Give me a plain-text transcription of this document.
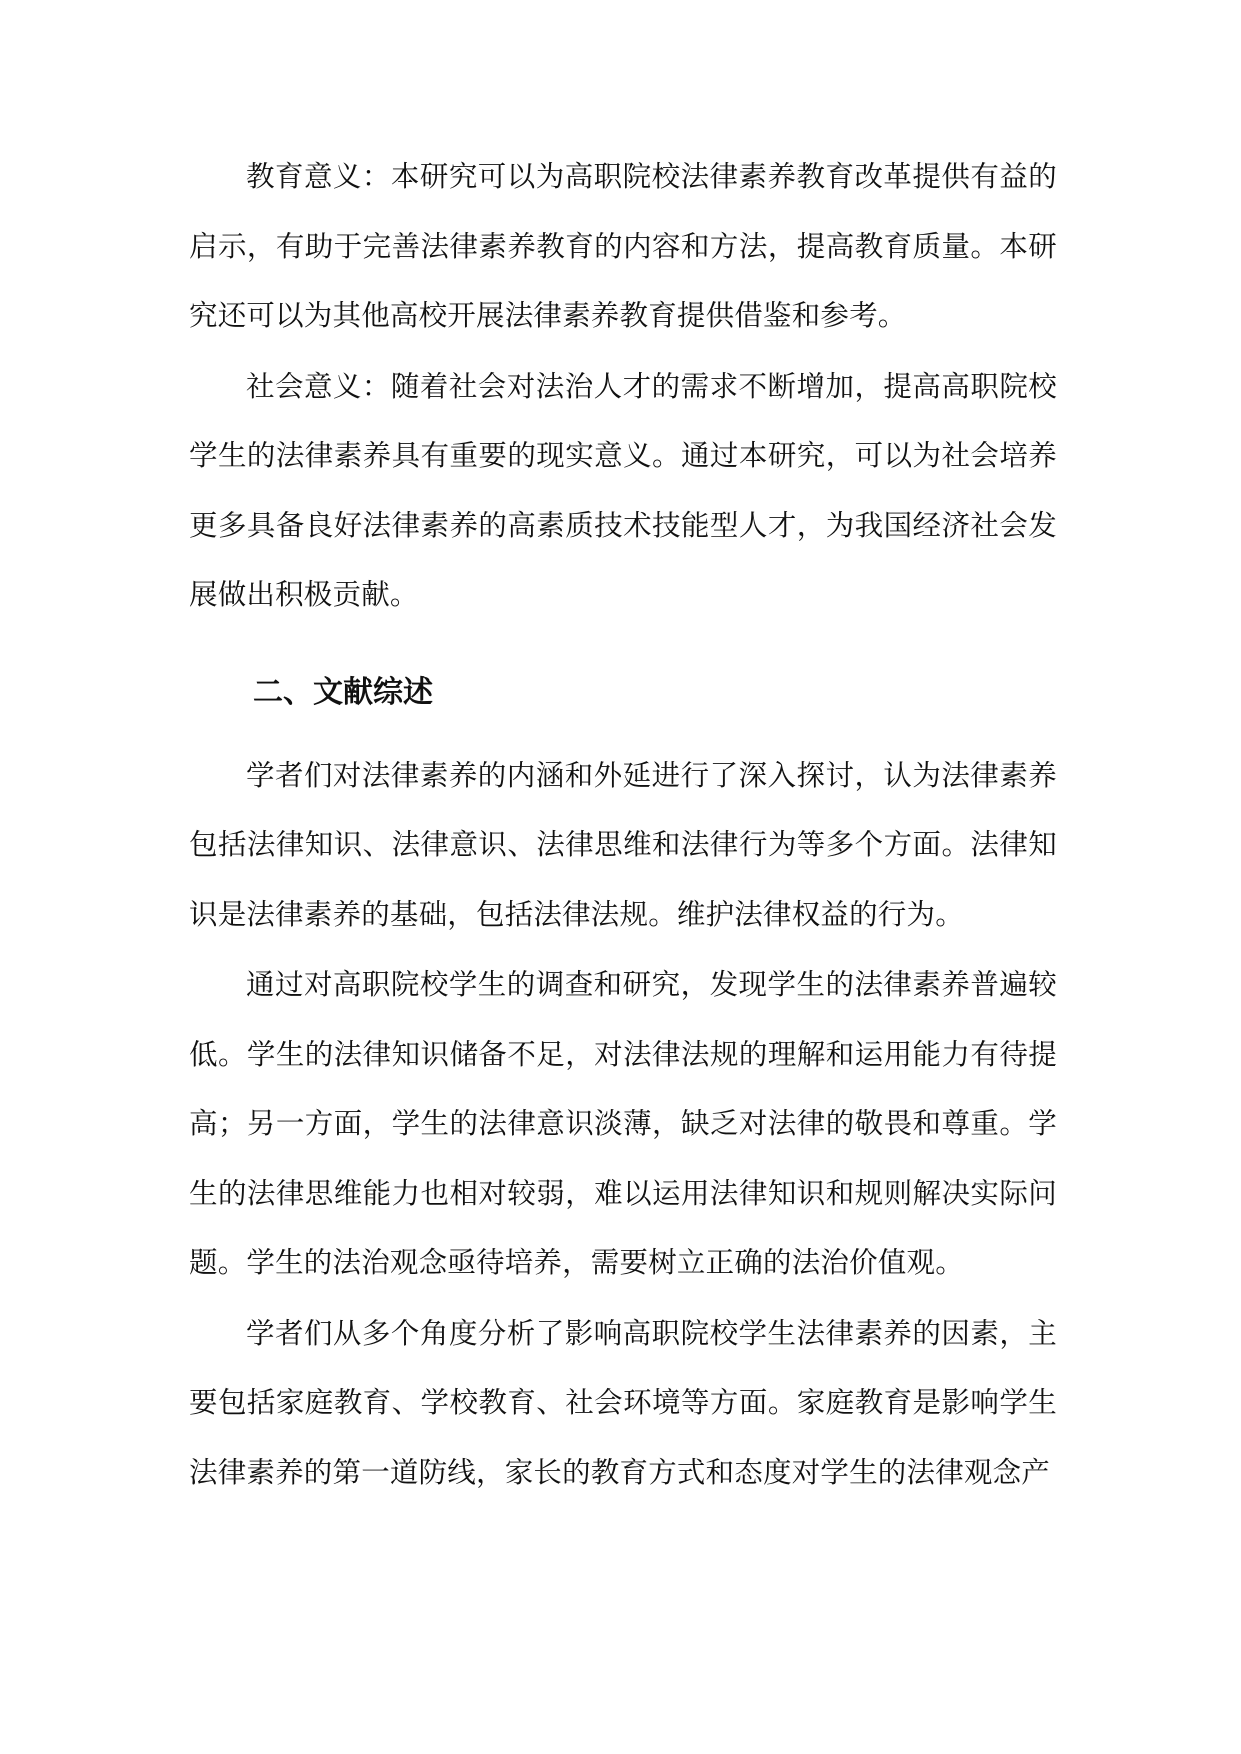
教育意义：本研究可以为高职院校法律素养教育改革提供有益的启示，有助于完善法律素养教育的内容和方法，提高教育质量。本研究还可以为其他高校开展法律素养教育提供借鉴和参考。

社会意义：随着社会对法治人才的需求不断增加，提高高职院校学生的法律素养具有重要的现实意义。通过本研究，可以为社会培养更多具备良好法律素养的高素质技术技能型人才，为我国经济社会发展做出积极贡献。

二、文献综述

学者们对法律素养的内涵和外延进行了深入探讨，认为法律素养包括法律知识、法律意识、法律思维和法律行为等多个方面。法律知识是法律素养的基础，包括法律法规。维护法律权益的行为。

通过对高职院校学生的调查和研究，发现学生的法律素养普遍较低。学生的法律知识储备不足，对法律法规的理解和运用能力有待提高；另一方面，学生的法律意识淡薄，缺乏对法律的敬畏和尊重。学生的法律思维能力也相对较弱，难以运用法律知识和规则解决实际问题。学生的法治观念亟待培养，需要树立正确的法治价值观。

学者们从多个角度分析了影响高职院校学生法律素养的因素，主要包括家庭教育、学校教育、社会环境等方面。家庭教育是影响学生法律素养的第一道防线，家长的教育方式和态度对学生的法律观念产
